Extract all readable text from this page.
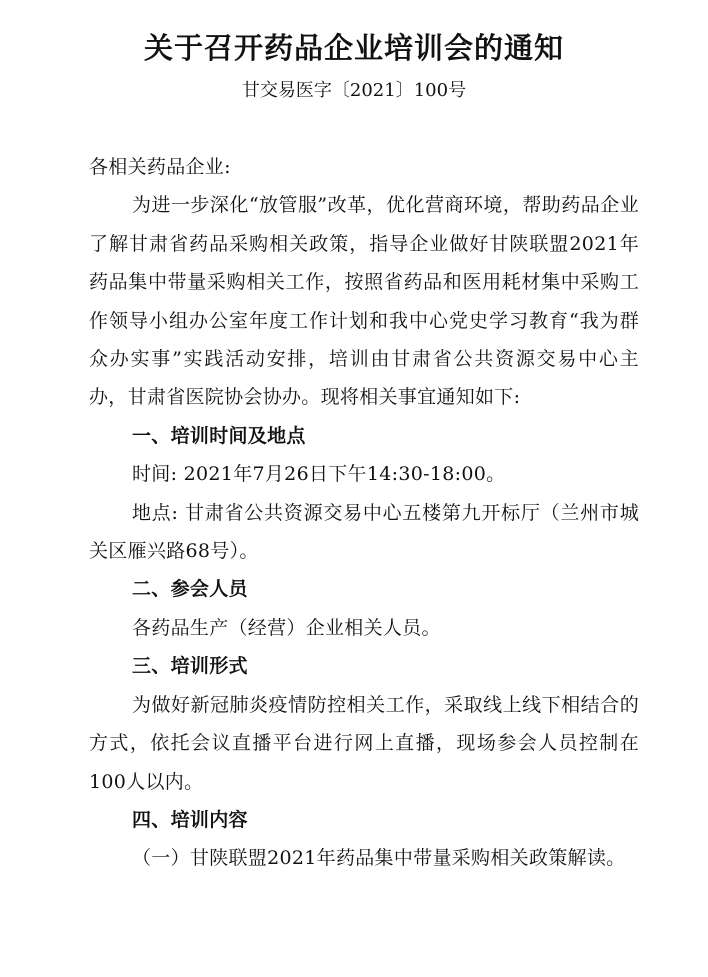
关于召开药品企业培训会的通知
甘交易医字〔2021〕100号

各相关药品企业:

为进一步深化“放管服”改革，优化营商环境，帮助药品企业了解甘肃省药品采购相关政策，指导企业做好甘陕联盟2021年药品集中带量采购相关工作，按照省药品和医用耗材集中采购工作领导小组办公室年度工作计划和我中心党史学习教育“我为群众办实事”实践活动安排，培训由甘肃省公共资源交易中心主办，甘肃省医院协会协办。现将相关事宜通知如下:

一、培训时间及地点

时间: 2021年7月26日下午14:30-18:00。

地点: 甘肃省公共资源交易中心五楼第九开标厅（兰州市城关区雁兴路68号）。

二、参会人员

各药品生产（经营）企业相关人员。

三、培训形式

为做好新冠肺炎疫情防控相关工作，采取线上线下相结合的方式，依托会议直播平台进行网上直播，现场参会人员控制在100人以内。

四、培训内容

（一）甘陕联盟2021年药品集中带量采购相关政策解读。
